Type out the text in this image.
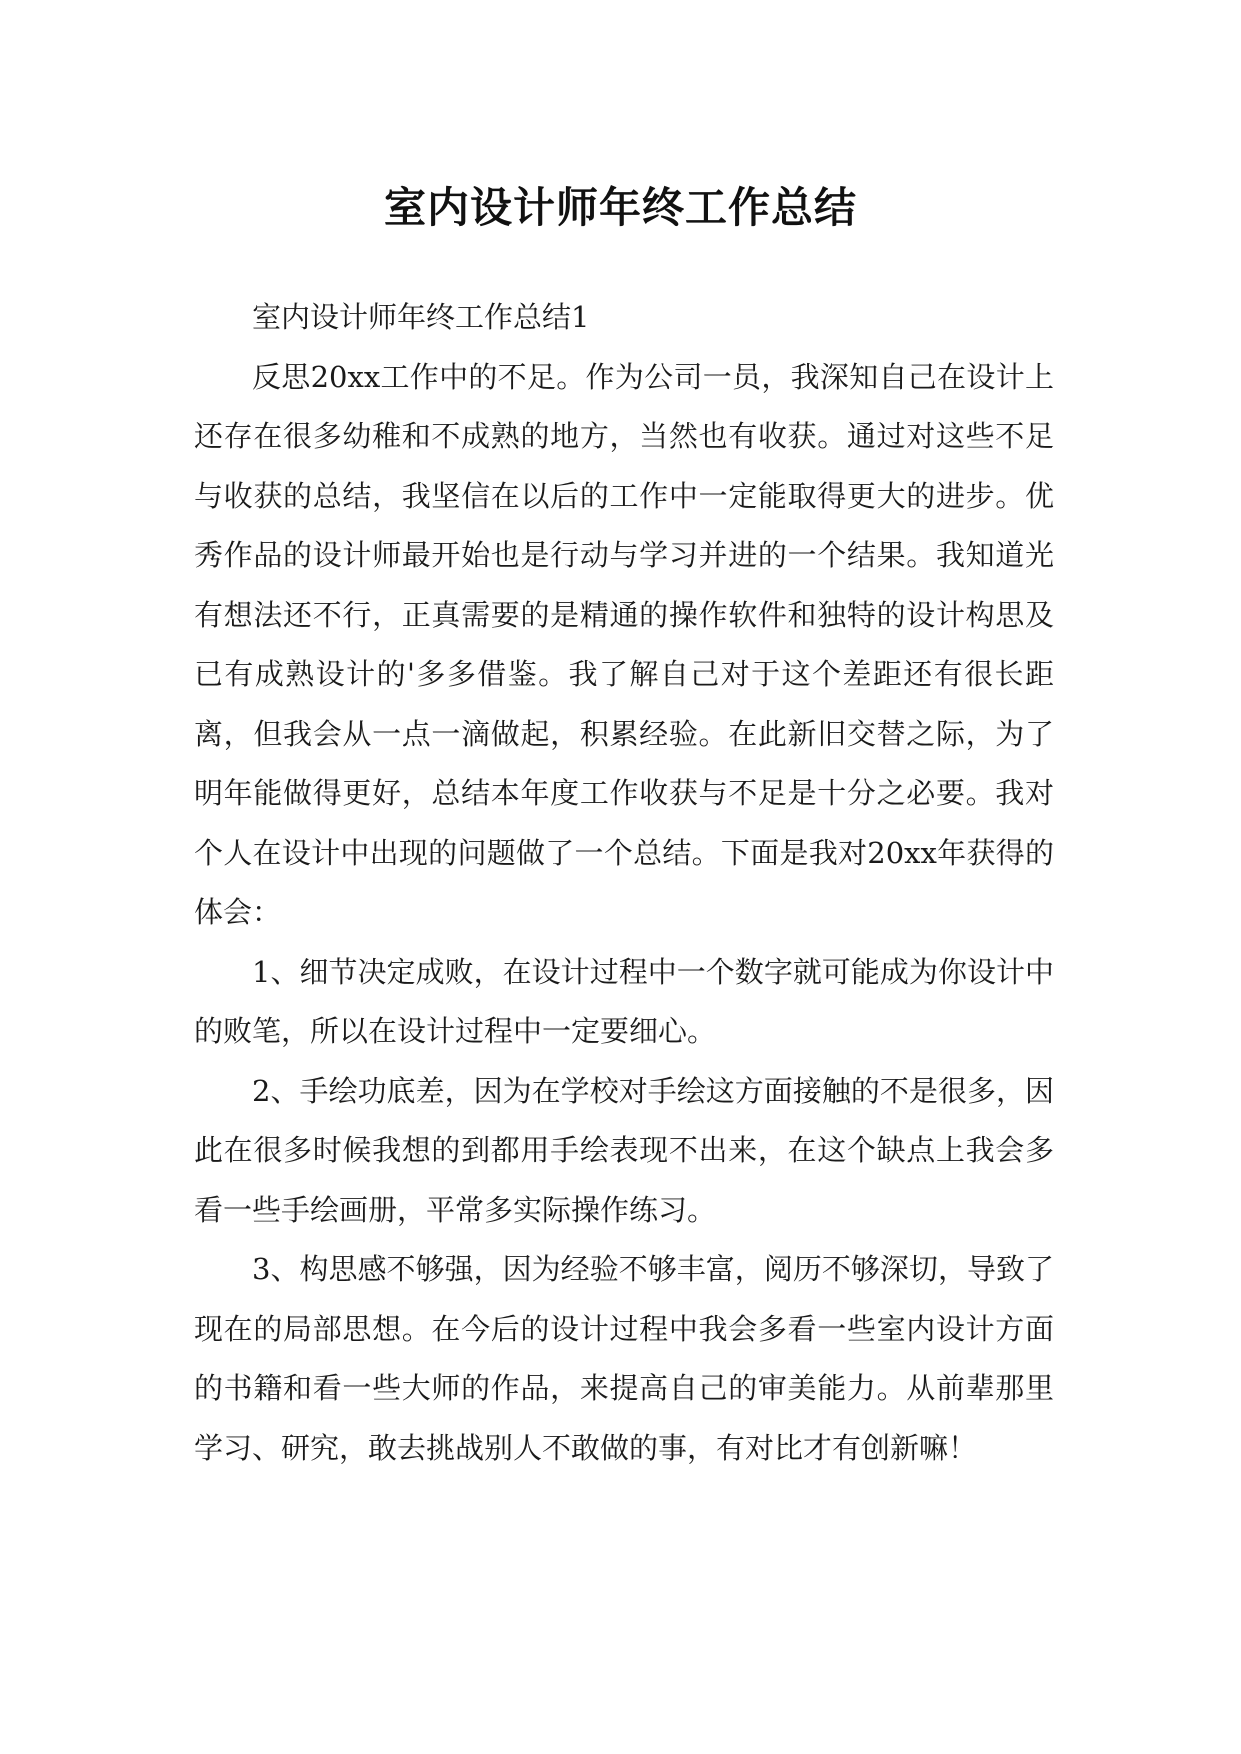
室内设计师年终工作总结

室内设计师年终工作总结1

反思20xx工作中的不足。作为公司一员，我深知自己在设计上还存在很多幼稚和不成熟的地方，当然也有收获。通过对这些不足与收获的总结，我坚信在以后的工作中一定能取得更大的进步。优秀作品的设计师最开始也是行动与学习并进的一个结果。我知道光有想法还不行，正真需要的是精通的操作软件和独特的设计构思及已有成熟设计的'多多借鉴。我了解自己对于这个差距还有很长距离，但我会从一点一滴做起，积累经验。在此新旧交替之际，为了明年能做得更好，总结本年度工作收获与不足是十分之必要。我对个人在设计中出现的问题做了一个总结。下面是我对20xx年获得的体会：

1、细节决定成败，在设计过程中一个数字就可能成为你设计中的败笔，所以在设计过程中一定要细心。

2、手绘功底差，因为在学校对手绘这方面接触的不是很多，因此在很多时候我想的到都用手绘表现不出来，在这个缺点上我会多看一些手绘画册，平常多实际操作练习。

3、构思感不够强，因为经验不够丰富，阅历不够深切，导致了现在的局部思想。在今后的设计过程中我会多看一些室内设计方面的书籍和看一些大师的作品，来提高自己的审美能力。从前辈那里学习、研究，敢去挑战别人不敢做的事，有对比才有创新嘛！
